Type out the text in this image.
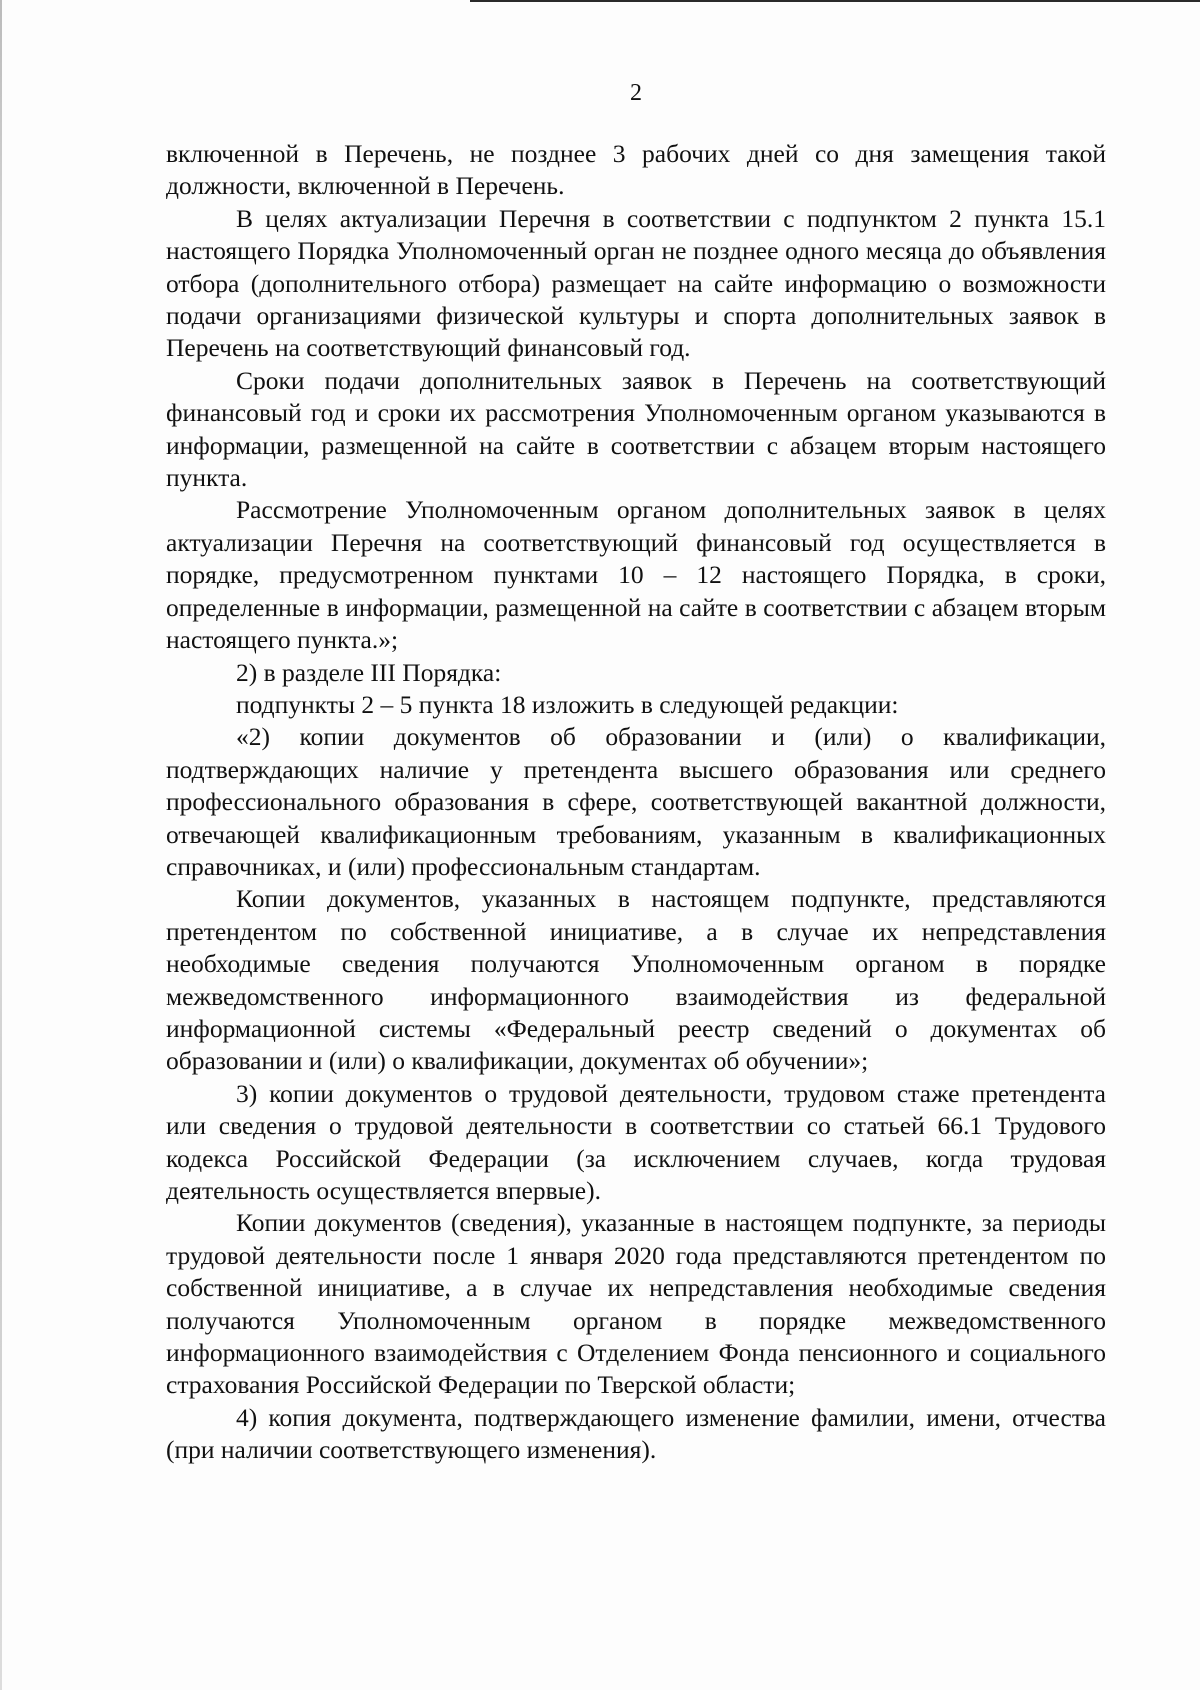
2

включенной в Перечень, не позднее 3 рабочих дней со дня замещения такой должности, включенной в Перечень.

В целях актуализации Перечня в соответствии с подпунктом 2 пункта 15.1 настоящего Порядка Уполномоченный орган не позднее одного месяца до объявления отбора (дополнительного отбора) размещает на сайте информацию о возможности подачи организациями физической культуры и спорта дополнительных заявок в Перечень на соответствующий финансовый год.

Сроки подачи дополнительных заявок в Перечень на соответствующий финансовый год и сроки их рассмотрения Уполномоченным органом указываются в информации, размещенной на сайте в соответствии с абзацем вторым настоящего пункта.

Рассмотрение Уполномоченным органом дополнительных заявок в целях актуализации Перечня на соответствующий финансовый год осуществляется в порядке, предусмотренном пунктами 10 – 12 настоящего Порядка, в сроки, определенные в информации, размещенной на сайте в соответствии с абзацем вторым настоящего пункта.»;

2) в разделе III Порядка:

подпункты 2 – 5 пункта 18 изложить в следующей редакции:

«2) копии документов об образовании и (или) о квалификации, подтверждающих наличие у претендента высшего образования или среднего профессионального образования в сфере, соответствующей вакантной должности, отвечающей квалификационным требованиям, указанным в квалификационных справочниках, и (или) профессиональным стандартам.

Копии документов, указанных в настоящем подпункте, представляются претендентом по собственной инициативе, а в случае их непредставления необходимые сведения получаются Уполномоченным органом в порядке межведомственного информационного взаимодействия из федеральной информационной системы «Федеральный реестр сведений о документах об образовании и (или) о квалификации, документах об обучении»;

3) копии документов о трудовой деятельности, трудовом стаже претендента или сведения о трудовой деятельности в соответствии со статьей 66.1 Трудового кодекса Российской Федерации (за исключением случаев, когда трудовая деятельность осуществляется впервые).

Копии документов (сведения), указанные в настоящем подпункте, за периоды трудовой деятельности после 1 января 2020 года представляются претендентом по собственной инициативе, а в случае их непредставления необходимые сведения получаются Уполномоченным органом в порядке межведомственного информационного взаимодействия с Отделением Фонда пенсионного и социального страхования Российской Федерации по Тверской области;

4) копия документа, подтверждающего изменение фамилии, имени, отчества (при наличии соответствующего изменения).
